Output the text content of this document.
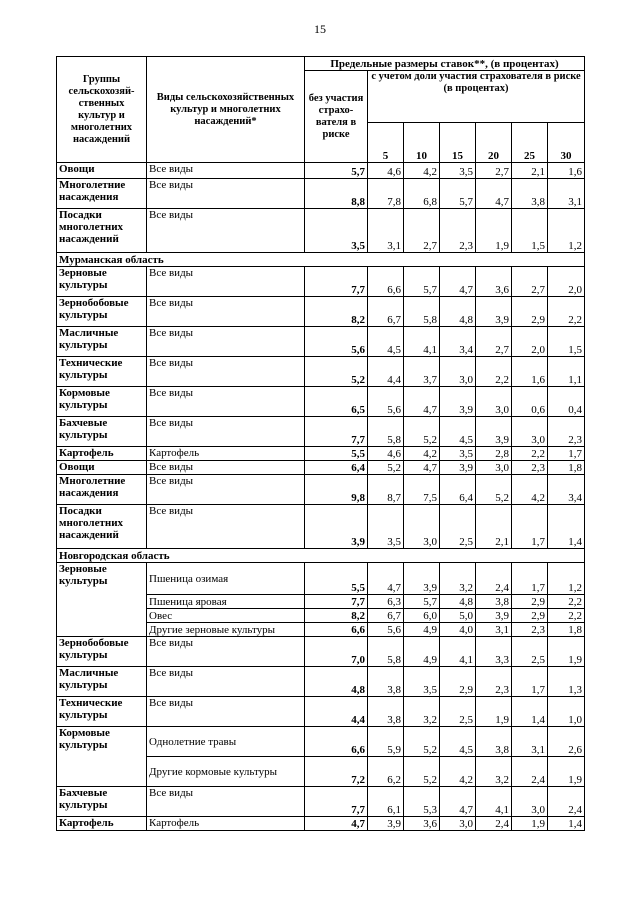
15
Группы сельскохозяй-ственных культур и многолетних насаждений	Виды сельскохозяйственных культур и многолетних насаждений*	Предельные размеры ставок**, (в процентах)						
		без участия страхо-вателя в риске	с учетом доли участия страхователя в риске (в процентах)					
			5	10	15	20	25	30
Овощи	Все виды	5,7	4,6	4,2	3,5	2,7	2,1	1,6
Многолетние насаждения	Все виды	8,8	7,8	6,8	5,7	4,7	3,8	3,1
Посадки многолетних насаждений	Все виды	3,5	3,1	2,7	2,3	1,9	1,5	1,2
Мурманская область								
Зерновые культуры	Все виды	7,7	6,6	5,7	4,7	3,6	2,7	2,0
Зернобобовые культуры	Все виды	8,2	6,7	5,8	4,8	3,9	2,9	2,2
Масличные культуры	Все виды	5,6	4,5	4,1	3,4	2,7	2,0	1,5
Технические культуры	Все виды	5,2	4,4	3,7	3,0	2,2	1,6	1,1
Кормовые культуры	Все виды	6,5	5,6	4,7	3,9	3,0	0,6	0,4
Бахчевые культуры	Все виды	7,7	5,8	5,2	4,5	3,9	3,0	2,3
Картофель	Картофель	5,5	4,6	4,2	3,5	2,8	2,2	1,7
Овощи	Все виды	6,4	5,2	4,7	3,9	3,0	2,3	1,8
Многолетние насаждения	Все виды	9,8	8,7	7,5	6,4	5,2	4,2	3,4
Посадки многолетних насаждений	Все виды	3,9	3,5	3,0	2,5	2,1	1,7	1,4
Новгородская область								
Зерновые культуры	Пшеница озимая	5,5	4,7	3,9	3,2	2,4	1,7	1,2
	Пшеница яровая	7,7	6,3	5,7	4,8	3,8	2,9	2,2
	Овес	8,2	6,7	6,0	5,0	3,9	2,9	2,2
	Другие зерновые культуры	6,6	5,6	4,9	4,0	3,1	2,3	1,8
Зернобобовые культуры	Все виды	7,0	5,8	4,9	4,1	3,3	2,5	1,9
Масличные культуры	Все виды	4,8	3,8	3,5	2,9	2,3	1,7	1,3
Технические культуры	Все виды	4,4	3,8	3,2	2,5	1,9	1,4	1,0
Кормовые культуры	Однолетние травы	6,6	5,9	5,2	4,5	3,8	3,1	2,6
	Другие кормовые культуры	7,2	6,2	5,2	4,2	3,2	2,4	1,9
Бахчевые культуры	Все виды	7,7	6,1	5,3	4,7	4,1	3,0	2,4
Картофель	Картофель	4,7	3,9	3,6	3,0	2,4	1,9	1,4
